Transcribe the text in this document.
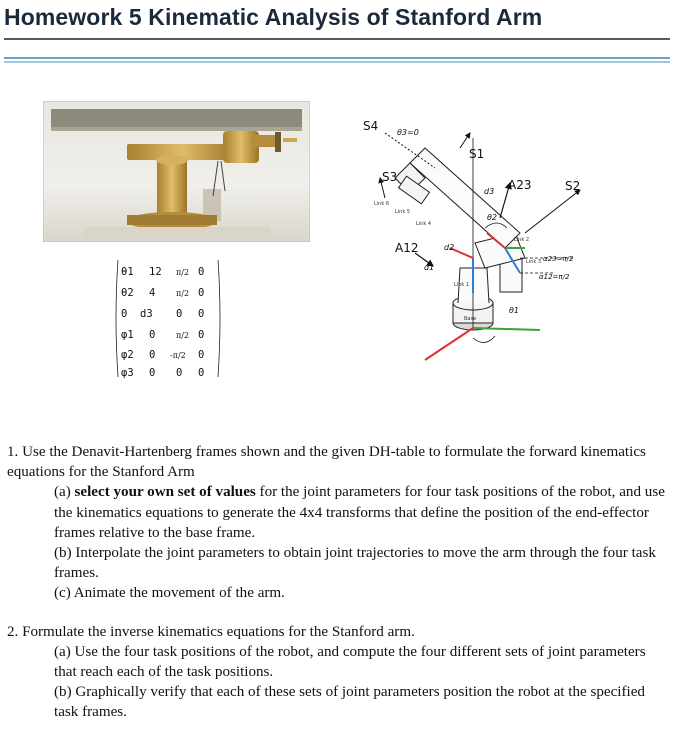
Homework 5 Kinematic Analysis of Stanford Arm
θ1 12 π/2 0
θ2 4	π/2 0
0 d3 0 0
φ1 0	π/2 0
φ2 0 -π/2 0
φ3 0 0 0
S4 θ3=0
S3
S1
A23	S2
d3
θ2
A12	d2
d1
α23=π/2
α12=π/2
θ1
Link 6
Link 5
Link 4
Link 3
Link 2
Link 1
Base

1. Use the Denavit-Hartenberg frames shown and the given DH-table to formulate the forward kinematics equations for the Stanford Arm

(a) select your own set of values for the joint parameters for four task positions of the robot, and use the kinematics equations to generate the 4x4 transforms that define the position of the end-effector frames relative to the base frame.

(b) Interpolate the joint parameters to obtain joint trajectories to move the arm through the four task frames.

(c) Animate the movement of the arm.

2. Formulate the inverse kinematics equations for the Stanford arm.

(a) Use the four task positions of the robot, and compute the four different sets of joint parameters that reach each of the task positions.

(b) Graphically verify that each of these sets of joint parameters position the robot at the specified task frames.
